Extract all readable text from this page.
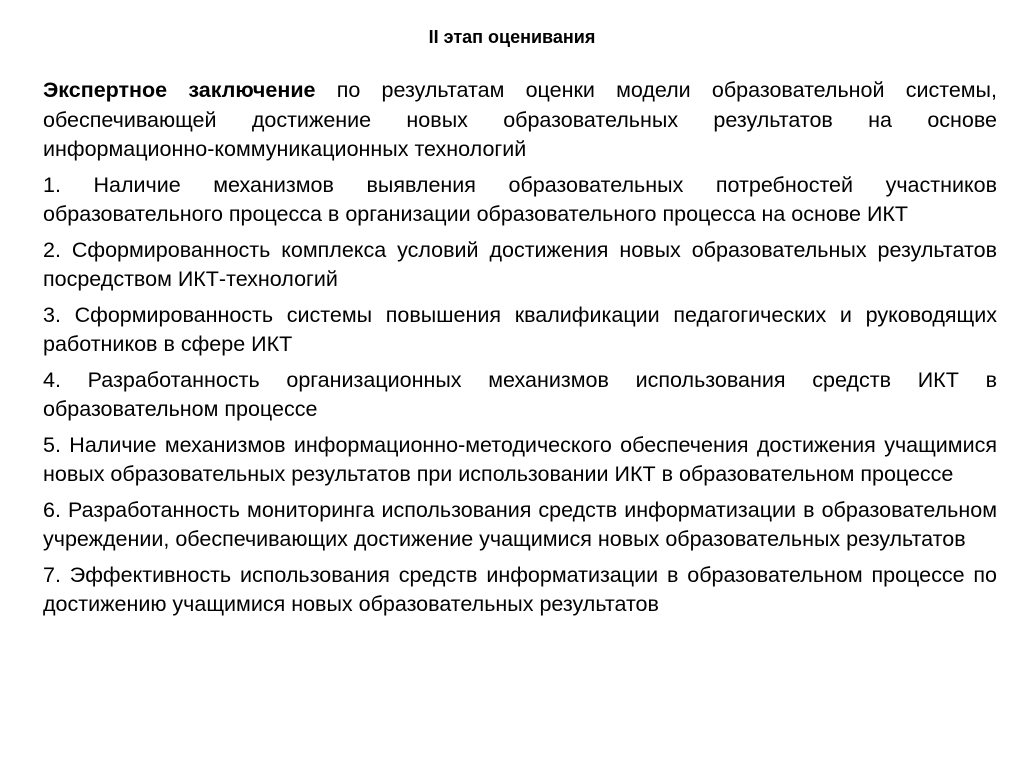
II этап оценивания

Экспертное заключение по результатам оценки модели образовательной системы, обеспечивающей достижение новых образовательных результатов на основе информационно-коммуникационных технологий

1. Наличие механизмов выявления образовательных потребностей участников образовательного процесса в организации образовательного процесса на основе ИКТ

2. Сформированность комплекса условий достижения новых образовательных результатов посредством ИКТ-технологий

3. Сформированность системы повышения квалификации педагогических и руководящих работников в сфере ИКТ

4. Разработанность организационных механизмов использования средств ИКТ в образовательном процессе

5. Наличие механизмов информационно-методического обеспечения достижения учащимися новых образовательных результатов при использовании ИКТ в образовательном процессе

6. Разработанность мониторинга использования средств информатизации в образовательном учреждении, обеспечивающих достижение учащимися новых образовательных результатов

7. Эффективность использования средств информатизации в образовательном процессе по достижению учащимися новых образовательных результатов
